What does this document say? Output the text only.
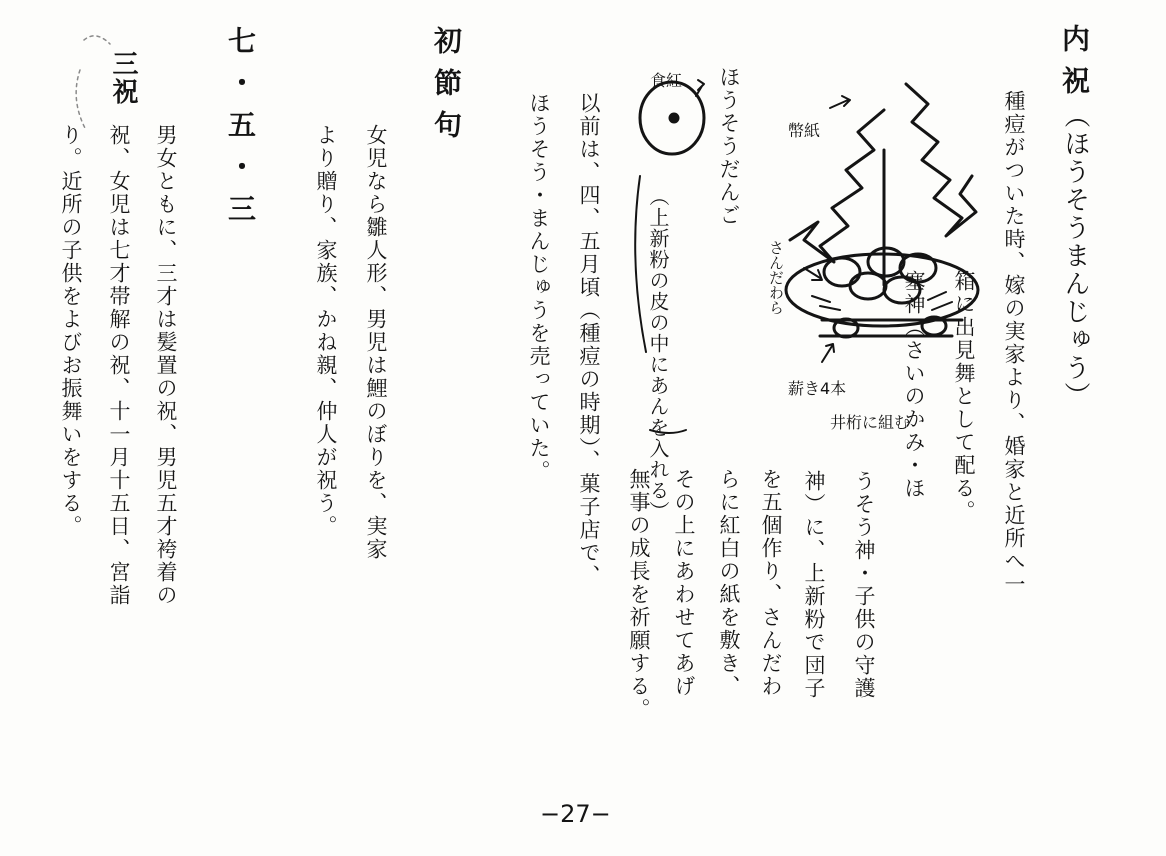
内祝
（ほうそうまんじゅう）
種痘がついた時、嫁の実家より、婚家と近所へ一
箱に出見舞として配る。
塞神（さいのかみ・ほ
うそう神・子供の守護
神）に、上新粉で団子
を五個作り、さんだわ
らに紅白の紙を敷き、
その上にあわせてあげ
無事の成長を祈願する。
以前は、四、五月頃（種痘の時期）、菓子店で、
ほうそう・まんじゅうを売っていた。	幣紙
さんだわら
薪き4本
井桁に組む
食紅 ほうそうだんご
（上新粉の皮の中にあんを入れる）
初節句
女児なら雛人形、男児は鯉のぼりを、実家
より贈り、家族、かね親、仲人が祝う。
七・五・三
男女ともに、三才は髪置の祝、男児五才袴着の
祝、女児は七才帯解の祝、十一月十五日、宮詣
り。近所の子供をよびお振舞いをする。
三祝
−27−
